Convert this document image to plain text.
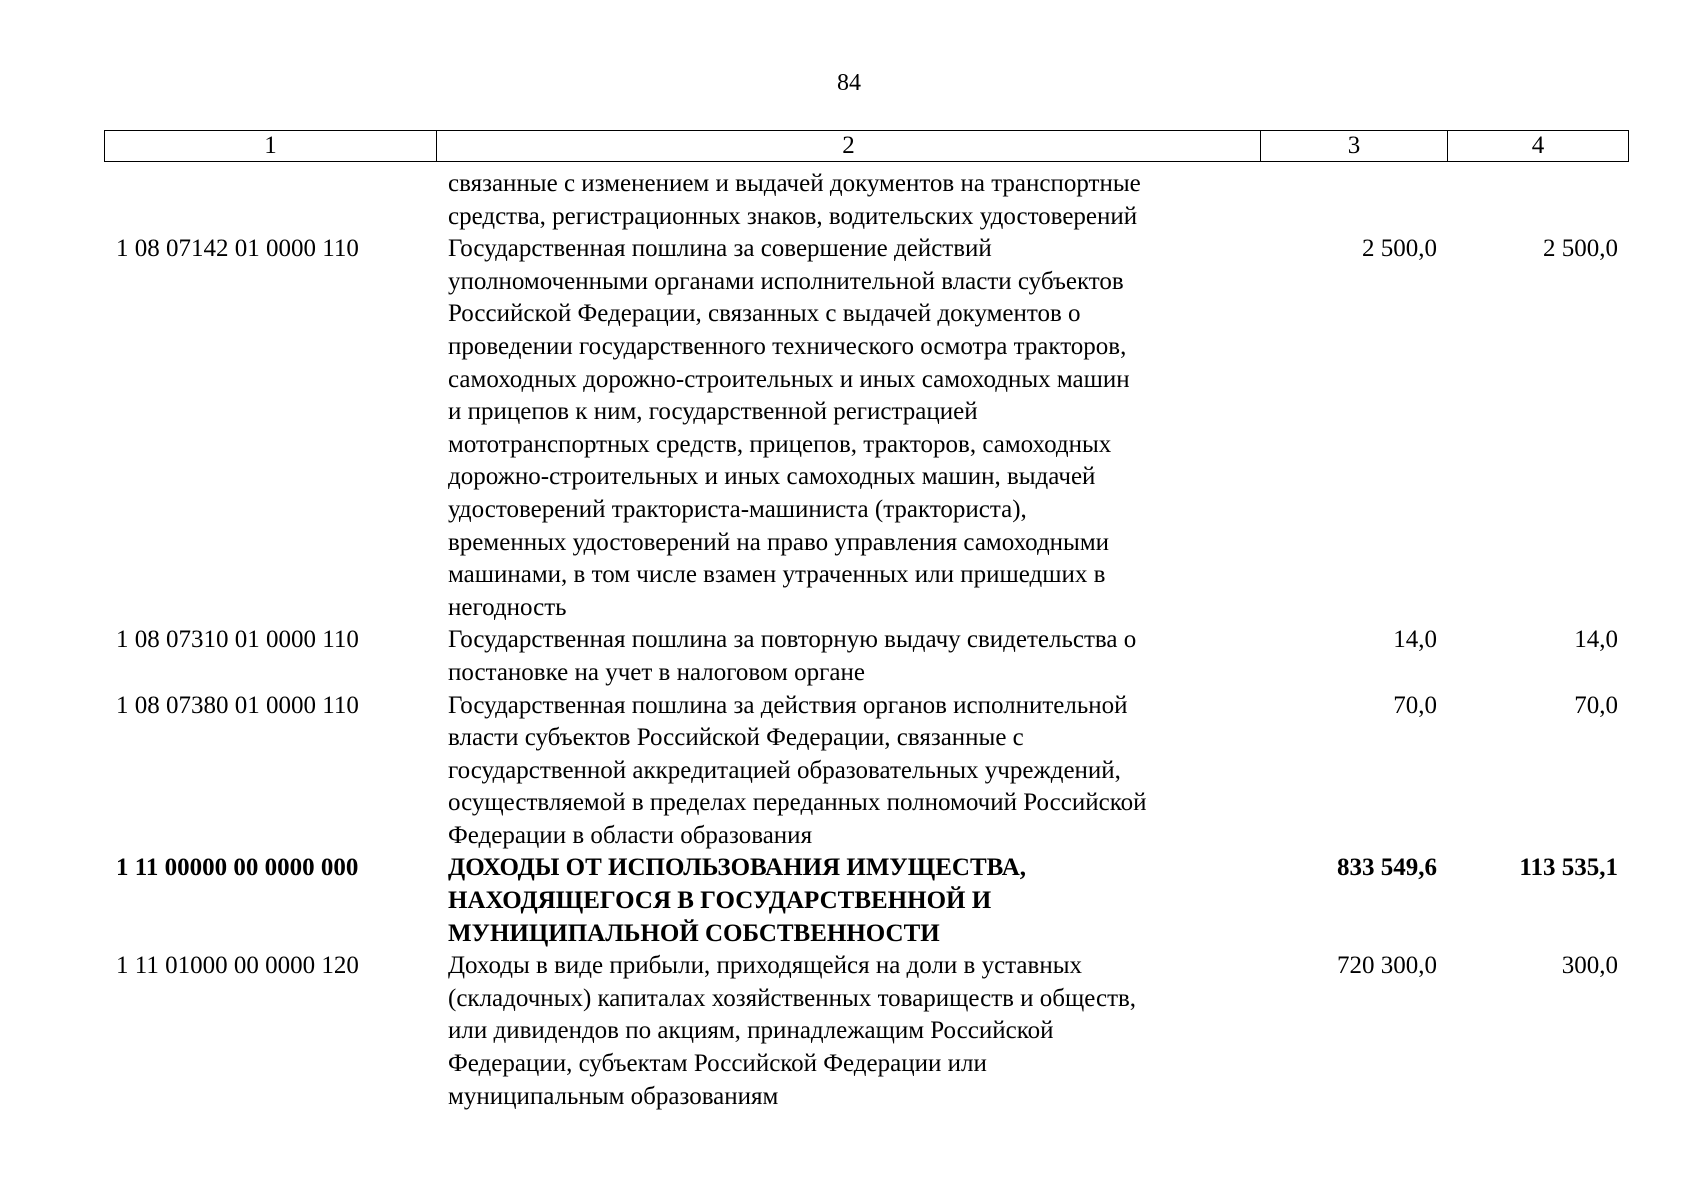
84
1	2	3	4
связанные с изменением и выдачей документов на транспортные
средства, регистрационных знаков, водительских удостоверений
1 08 07142 01 0000 110	Государственная пошлина за совершение действий
уполномоченными органами исполнительной власти субъектов
Российской Федерации, связанных с выдачей документов о
проведении государственного технического осмотра тракторов,
самоходных дорожно-строительных и иных самоходных машин
и прицепов к ним, государственной регистрацией
мототранспортных средств, прицепов, тракторов, самоходных
дорожно-строительных и иных самоходных машин, выдачей
удостоверений тракториста-машиниста (тракториста),
временных удостоверений на право управления самоходными
машинами, в том числе взамен утраченных или пришедших в
негодность
2 500,0	2 500,0
1 08 07310 01 0000 110	Государственная пошлина за повторную выдачу свидетельства о
постановке на учет в налоговом органе
14,0	14,0
1 08 07380 01 0000 110	Государственная пошлина за действия органов исполнительной
власти субъектов Российской Федерации, связанные с
государственной аккредитацией образовательных учреждений,
осуществляемой в пределах переданных полномочий Российской
Федерации в области образования
70,0	70,0
1 11 00000 00 0000 000	ДОХОДЫ ОТ ИСПОЛЬЗОВАНИЯ ИМУЩЕСТВА,
НАХОДЯЩЕГОСЯ В ГОСУДАРСТВЕННОЙ И
МУНИЦИПАЛЬНОЙ СОБСТВЕННОСТИ
833 549,6	113 535,1
1 11 01000 00 0000 120	Доходы в виде прибыли, приходящейся на доли в уставных
(складочных) капиталах хозяйственных товариществ и обществ,
или дивидендов по акциям, принадлежащим Российской
Федерации, субъектам Российской Федерации или
муниципальным образованиям
720 300,0	300,0
